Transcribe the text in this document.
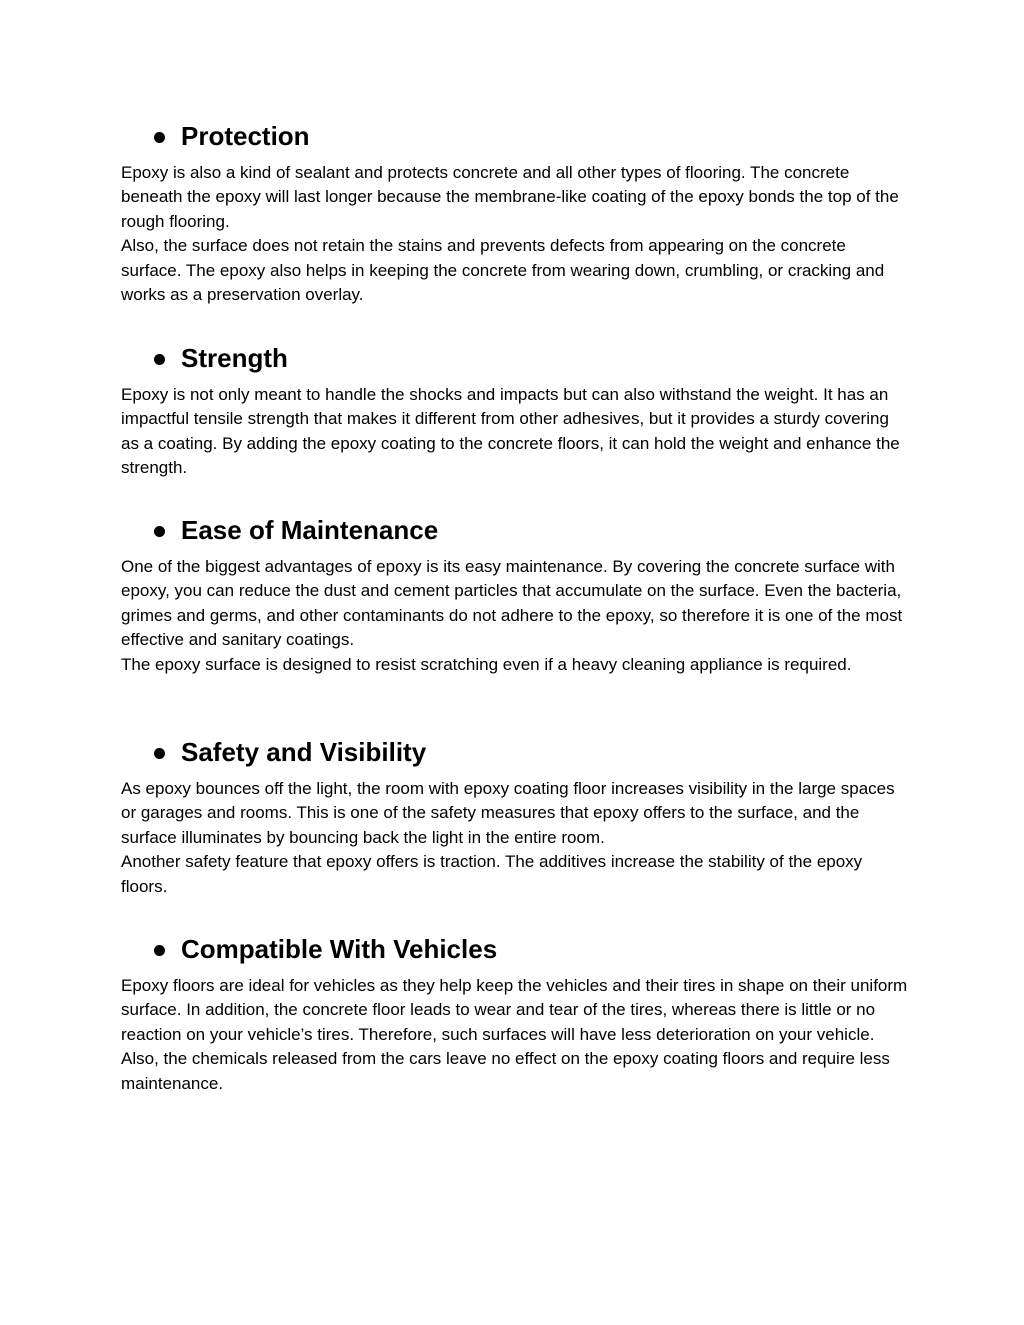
Protection

Epoxy is also a kind of sealant and protects concrete and all other types of flooring. The concrete beneath the epoxy will last longer because the membrane-like coating of the epoxy bonds the top of the rough flooring.

Also, the surface does not retain the stains and prevents defects from appearing on the concrete surface. The epoxy also helps in keeping the concrete from wearing down, crumbling, or cracking and works as a preservation overlay.

Strength

Epoxy is not only meant to handle the shocks and impacts but can also withstand the weight. It has an impactful tensile strength that makes it different from other adhesives, but it provides a sturdy covering as a coating. By adding the epoxy coating to the concrete floors, it can hold the weight and enhance the strength.

Ease of Maintenance

One of the biggest advantages of epoxy is its easy maintenance. By covering the concrete surface with epoxy, you can reduce the dust and cement particles that accumulate on the surface. Even the bacteria, grimes and germs, and other contaminants do not adhere to the epoxy, so therefore it is one of the most effective and sanitary coatings.

The epoxy surface is designed to resist scratching even if a heavy cleaning appliance is required.

Safety and Visibility

As epoxy bounces off the light, the room with epoxy coating floor increases visibility in the large spaces or garages and rooms. This is one of the safety measures that epoxy offers to the surface, and the surface illuminates by bouncing back the light in the entire room.

Another safety feature that epoxy offers is traction. The additives increase the stability of the epoxy floors.

Compatible With Vehicles

Epoxy floors are ideal for vehicles as they help keep the vehicles and their tires in shape on their uniform surface. In addition, the concrete floor leads to wear and tear of the tires, whereas there is little or no reaction on your vehicle’s tires. Therefore, such surfaces will have less deterioration on your vehicle.

Also, the chemicals released from the cars leave no effect on the epoxy coating floors and require less maintenance.
